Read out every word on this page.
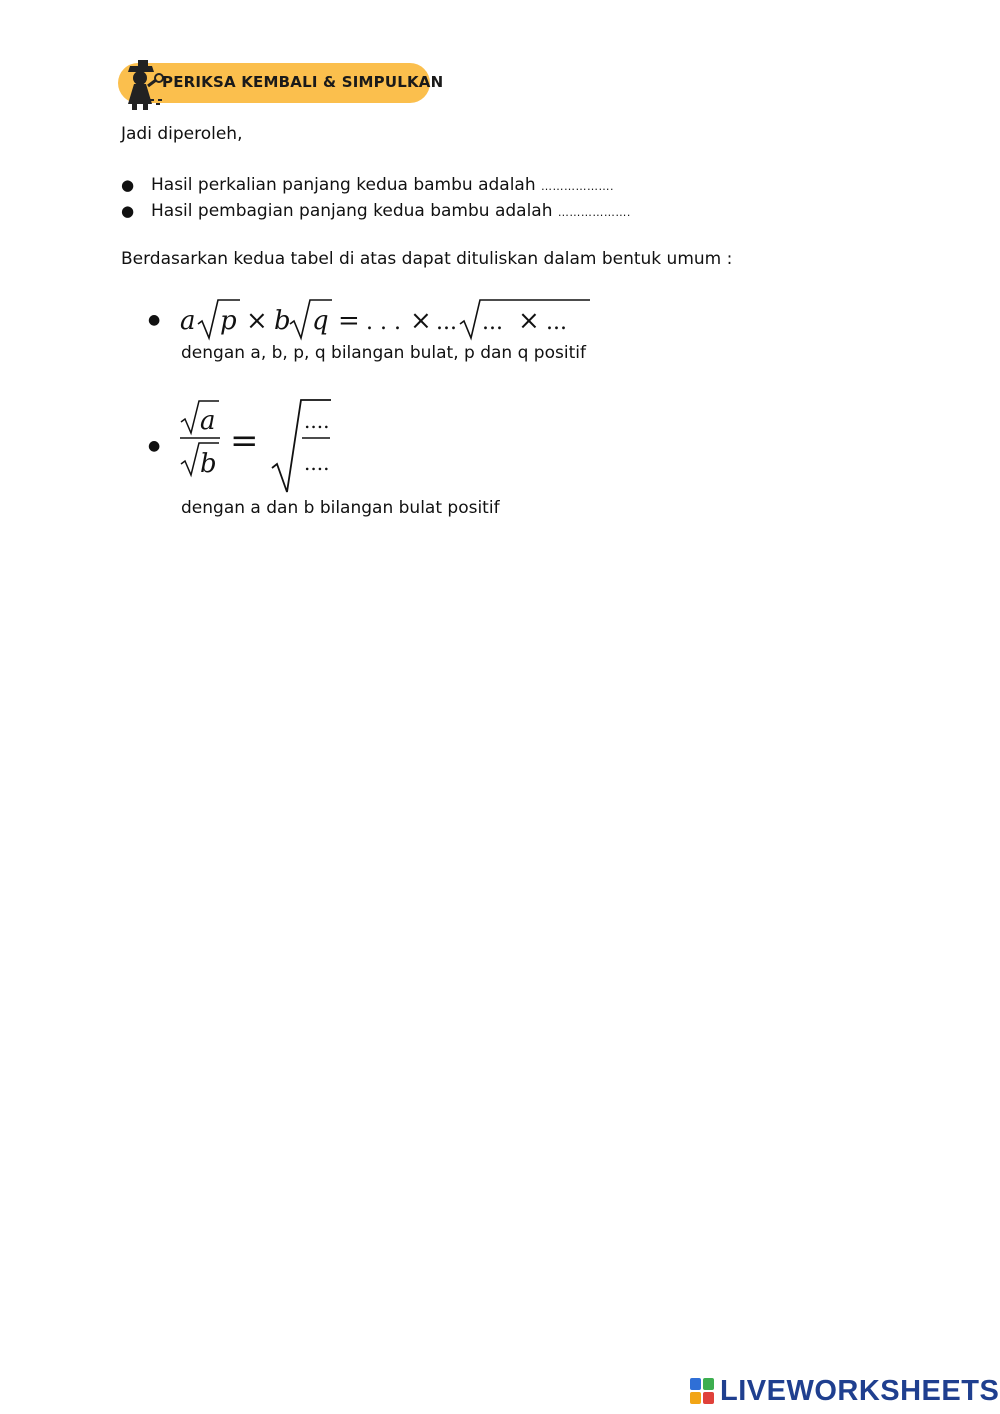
PERIKSA KEMBALI & SIMPULKAN
Jadi diperoleh,
● Hasil perkalian panjang kedua bambu adalah ……………….
● Hasil pembagian panjang kedua bambu adalah ……………….
Berdasarkan kedua tabel di atas dapat dituliskan dalam bentuk umum :
● a p × b q = . . . × ... ... × ...
dengan a, b, p, q bilangan bulat, p dan q positif
●
a
b
= ....
....
dengan a dan b bilangan bulat positif
LIVEWORKSHEETS
